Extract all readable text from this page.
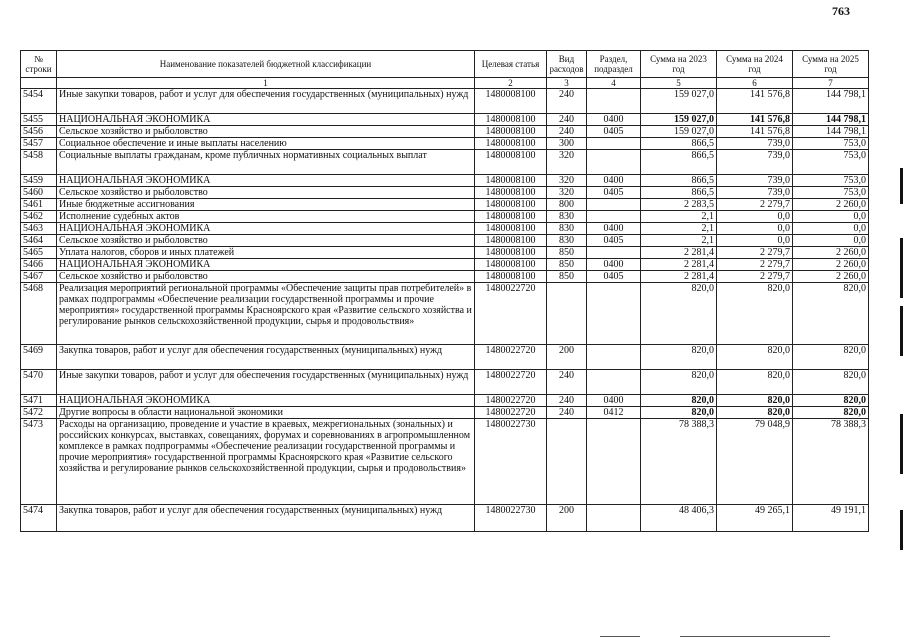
763
№ строки	Наименование показателей бюджетной классификации	Целевая статья	Вид расходов	Раздел, подраздел	Сумма на 2023 год	Сумма на 2024 год	Сумма на 2025 год
	1	2	3	4	5	6	7
5454	Иные закупки товаров, работ и услуг для обеспечения государственных (муниципальных) нужд	1480008100	240		159 027,0	141 576,8	144 798,1
5455	НАЦИОНАЛЬНАЯ ЭКОНОМИКА	1480008100	240	0400	159 027,0	141 576,8	144 798,1
5456	Сельское хозяйство и рыболовство	1480008100	240	0405	159 027,0	141 576,8	144 798,1
5457	Социальное обеспечение и иные выплаты населению	1480008100	300		866,5	739,0	753,0
5458	Социальные выплаты гражданам, кроме публичных нормативных социальных выплат	1480008100	320		866,5	739,0	753,0
5459	НАЦИОНАЛЬНАЯ ЭКОНОМИКА	1480008100	320	0400	866,5	739,0	753,0
5460	Сельское хозяйство и рыболовство	1480008100	320	0405	866,5	739,0	753,0
5461	Иные бюджетные ассигнования	1480008100	800		2 283,5	2 279,7	2 260,0
5462	Исполнение судебных актов	1480008100	830		2,1	0,0	0,0
5463	НАЦИОНАЛЬНАЯ ЭКОНОМИКА	1480008100	830	0400	2,1	0,0	0,0
5464	Сельское хозяйство и рыболовство	1480008100	830	0405	2,1	0,0	0,0
5465	Уплата налогов, сборов и иных платежей	1480008100	850		2 281,4	2 279,7	2 260,0
5466	НАЦИОНАЛЬНАЯ ЭКОНОМИКА	1480008100	850	0400	2 281,4	2 279,7	2 260,0
5467	Сельское хозяйство и рыболовство	1480008100	850	0405	2 281,4	2 279,7	2 260,0
5468	Реализация мероприятий региональной программы «Обеспечение защиты прав потребителей» в рамках подпрограммы «Обеспечение реализации государственной программы и прочие мероприятия» государственной программы Красноярского края «Развитие сельского хозяйства и регулирование рынков сельскохозяйственной продукции, сырья и продовольствия»	1480022720			820,0	820,0	820,0
5469	Закупка товаров, работ и услуг для обеспечения государственных (муниципальных) нужд	1480022720	200		820,0	820,0	820,0
5470	Иные закупки товаров, работ и услуг для обеспечения государственных (муниципальных) нужд	1480022720	240		820,0	820,0	820,0
5471	НАЦИОНАЛЬНАЯ ЭКОНОМИКА	1480022720	240	0400	820,0	820,0	820,0
5472	Другие вопросы в области национальной экономики	1480022720	240	0412	820,0	820,0	820,0
5473	Расходы на организацию, проведение и участие в краевых, межрегиональных (зональных) и российских конкурсах, выставках, совещаниях, форумах и соревнованиях в агропромышленном комплексе в рамках подпрограммы «Обеспечение реализации государственной программы и прочие мероприятия» государственной программы Красноярского края «Развитие сельского хозяйства и регулирование рынков сельскохозяйственной продукции, сырья и продовольствия»	1480022730			78 388,3	79 048,9	78 388,3
5474	Закупка товаров, работ и услуг для обеспечения государственных (муниципальных) нужд	1480022730	200		48 406,3	49 265,1	49 191,1
